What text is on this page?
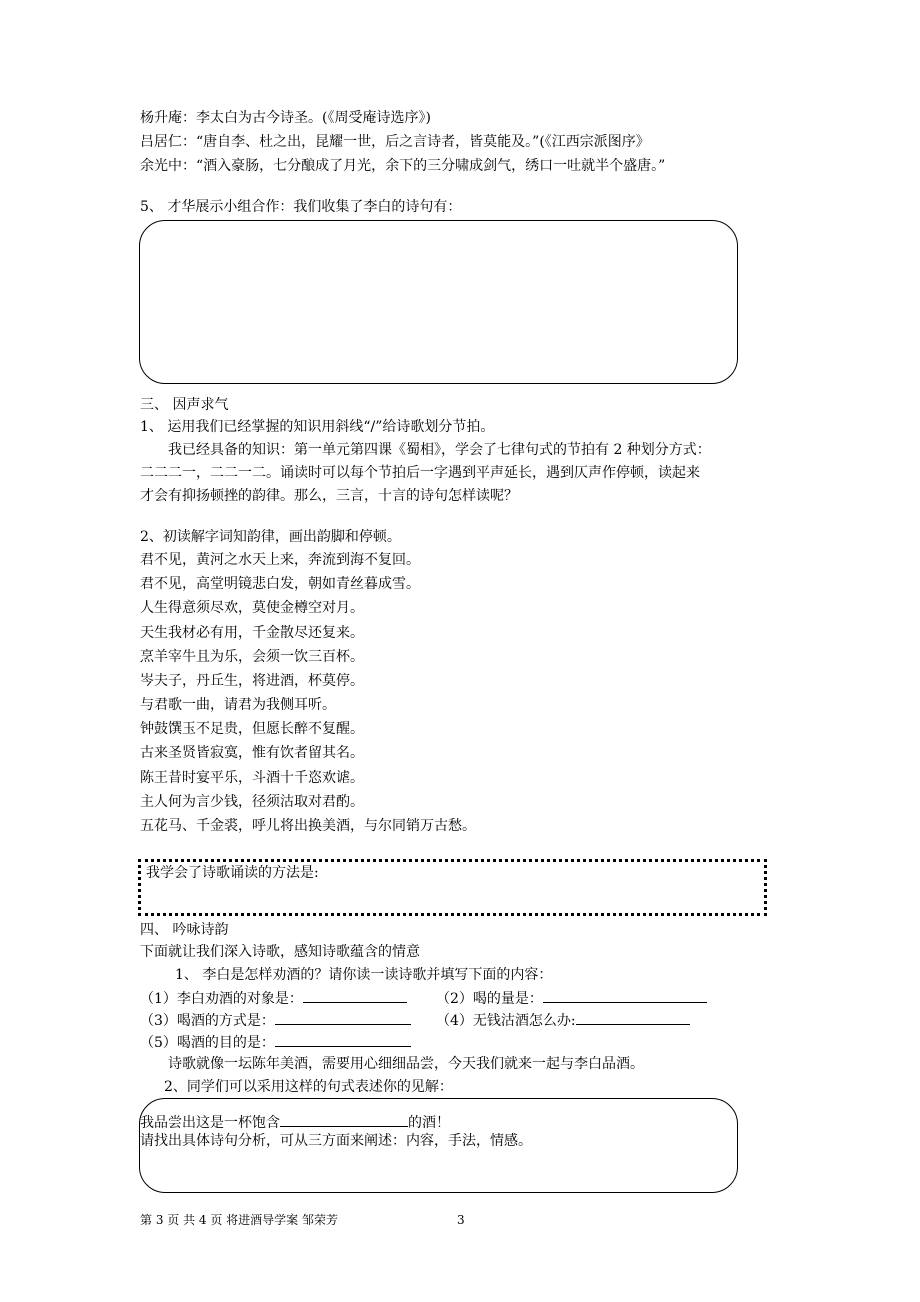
杨升庵：李太白为古今诗圣。(《周受庵诗选序》)
吕居仁：“唐自李、杜之出，昆耀一世，后之言诗者，皆莫能及。”(《江西宗派图序》
余光中：“酒入豪肠，七分酿成了月光，余下的三分啸成剑气，绣口一吐就半个盛唐。”
5、 才华展示小组合作：我们收集了李白的诗句有：
三、 因声求气
1、 运用我们已经掌握的知识用斜线“/”给诗歌划分节拍。
我已经具备的知识：第一单元第四课《蜀相》，学会了七律句式的节拍有 2 种划分方式：
二二二一，二二一二。诵读时可以每个节拍后一字遇到平声延长，遇到仄声作停顿，读起来
才会有抑扬顿挫的韵律。那么，三言，十言的诗句怎样读呢？
2、初读解字词知韵律，画出韵脚和停顿。
君不见，黄河之水天上来，奔流到海不复回。
君不见，高堂明镜悲白发，朝如青丝暮成雪。
人生得意须尽欢，莫使金樽空对月。
天生我材必有用，千金散尽还复来。
烹羊宰牛且为乐，会须一饮三百杯。
岑夫子，丹丘生，将进酒，杯莫停。
与君歌一曲，请君为我侧耳听。
钟鼓馔玉不足贵，但愿长醉不复醒。
古来圣贤皆寂寞，惟有饮者留其名。
陈王昔时宴平乐，斗酒十千恣欢谑。
主人何为言少钱，径须沽取对君酌。
五花马、千金裘，呼儿将出换美酒，与尔同销万古愁。
我学会了诗歌诵读的方法是:
四、 吟咏诗韵
下面就让我们深入诗歌，感知诗歌蕴含的情意
1、 李白是怎样劝酒的？请你读一读诗歌并填写下面的内容：
（1）李白劝酒的对象是：	（2）喝的量是：
（3）喝酒的方式是：	（4）无钱沽酒怎么办:
（5）喝酒的目的是：
诗歌就像一坛陈年美酒，需要用心细细品尝，今天我们就来一起与李白品酒。
2、同学们可以采用这样的句式表述你的见解：
我品尝出这是一杯饱含	的酒！
请找出具体诗句分析，可从三方面来阐述：内容，手法，情感。
第 3 页 共 4 页 将进酒导学案 邹荣芳	3
